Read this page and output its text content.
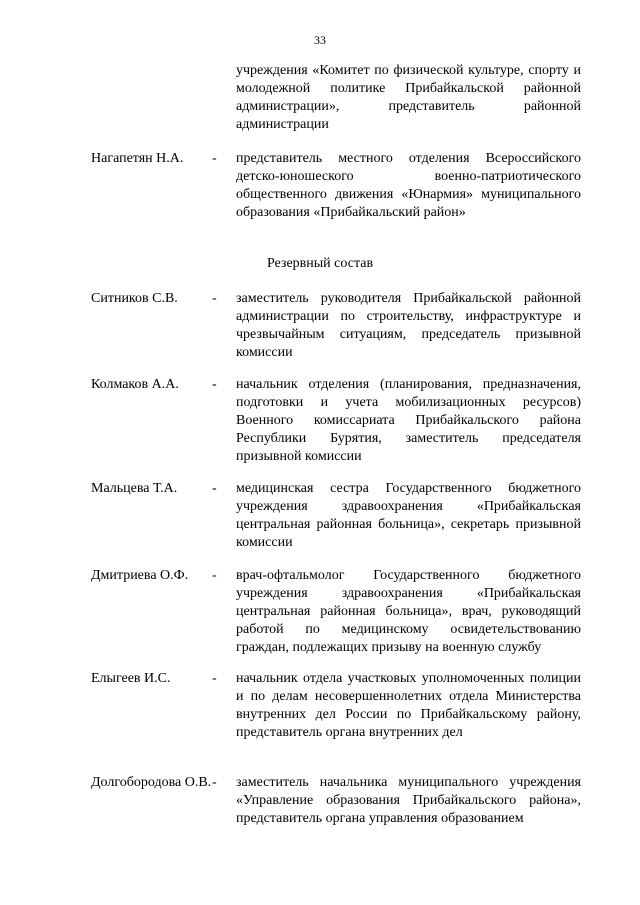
33
учреждения «Комитет по физической культуре, спорту и молодежной политике Прибайкальской районной администрации», представитель районной администрации
Нагапетян Н.А.	-	представитель местного отделения Всероссийского детско-юношеского военно-патриотического общественного движения «Юнармия» муниципального образования «Прибайкальский район»
Резервный состав
Ситников С.В.	-	заместитель руководителя Прибайкальской районной администрации по строительству, инфраструктуре и чрезвычайным ситуациям, председатель призывной комиссии
Колмаков А.А.	-	начальник отделения (планирования, предназначения, подготовки и учета мобилизационных ресурсов) Военного комиссариата Прибайкальского района Республики Бурятия, заместитель председателя призывной комиссии
Мальцева Т.А.	-	медицинская сестра Государственного бюджетного учреждения здравоохранения «Прибайкальская центральная районная больница», секретарь призывной комиссии
Дмитриева О.Ф.	-	врач-офтальмолог Государственного бюджетного учреждения здравоохранения «Прибайкальская центральная районная больница», врач, руководящий работой по медицинскому освидетельствованию граждан, подлежащих призыву на военную службу
Елыгеев И.С.	-	начальник отдела участковых уполномоченных полиции и по делам несовершеннолетних отдела Министерства внутренних дел России по Прибайкальскому району, представитель органа внутренних дел
Долгобородова О.В. -	заместитель начальника муниципального учреждения «Управление образования Прибайкальского района», представитель органа управления образованием
